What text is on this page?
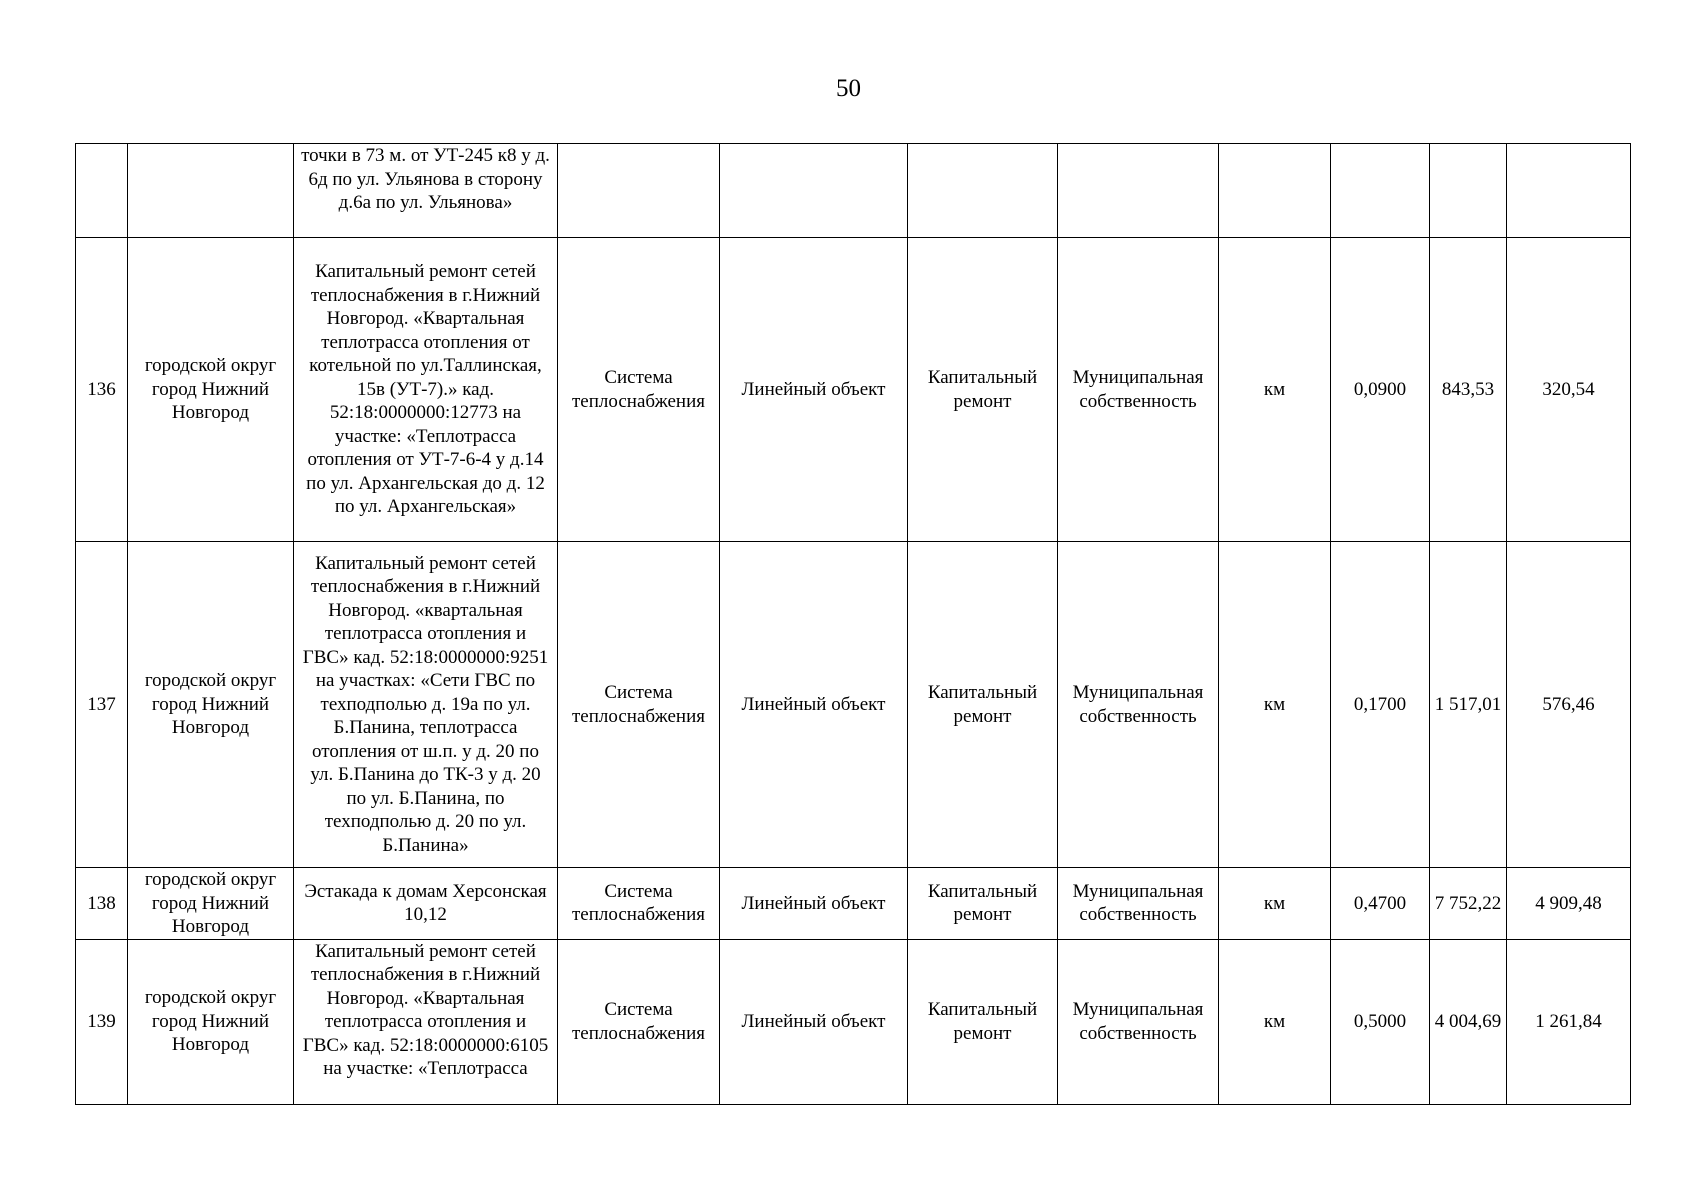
50
		точки в 73 м. от УТ-245 к8 у д. 6д по ул. Ульянова в сторону д.6а по ул. Ульянова»								
136	городской округ город Нижний Новгород	Капитальный ремонт сетей теплоснабжения в г.Нижний Новгород. «Квартальная теплотрасса отопления от котельной по ул.Таллинская, 15в (УТ-7).» кад. 52:18:0000000:12773 на участке: «Теплотрасса отопления от УТ-7-6-4 у д.14 по ул. Архангельская до д. 12 по ул. Архангельская»	Система теплоснабжения	Линейный объект	Капитальный ремонт	Муниципальная собственность	км	0,0900	843,53	320,54
137	городской округ город Нижний Новгород	Капитальный ремонт сетей теплоснабжения в г.Нижний Новгород. «квартальная теплотрасса отопления и ГВС» кад. 52:18:0000000:9251 на участках: «Сети ГВС по техподполью д. 19а по ул. Б.Панина, теплотрасса отопления от ш.п. у д. 20 по ул. Б.Панина до ТК-3 у д. 20 по ул. Б.Панина, по техподполью д. 20 по ул. Б.Панина»	Система теплоснабжения	Линейный объект	Капитальный ремонт	Муниципальная собственность	км	0,1700	1 517,01	576,46
138	городской округ город Нижний Новгород	Эстакада к домам Херсонская 10,12	Система теплоснабжения	Линейный объект	Капитальный ремонт	Муниципальная собственность	км	0,4700	7 752,22	4 909,48
139	городской округ город Нижний Новгород	Капитальный ремонт сетей теплоснабжения в г.Нижний Новгород. «Квартальная теплотрасса отопления и ГВС» кад. 52:18:0000000:6105 на участке: «Теплотрасса	Система теплоснабжения	Линейный объект	Капитальный ремонт	Муниципальная собственность	км	0,5000	4 004,69	1 261,84
